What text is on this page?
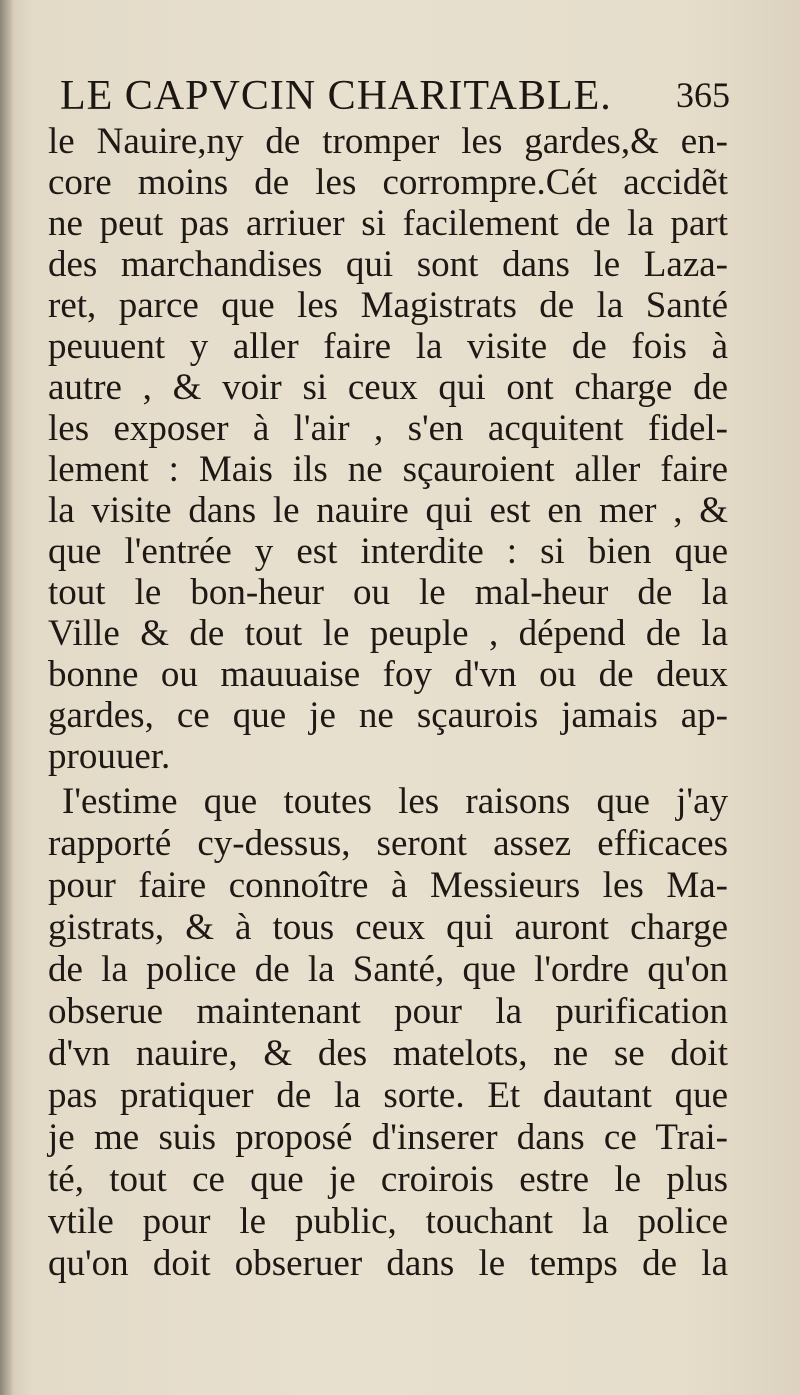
LE CAPVCIN CHARITABLE. 365
le Nauire,ny de tromper les gardes,& en-
core moins de les corrompre.Cét accidẽt
ne peut pas arriuer si facilement de la part
des marchandises qui sont dans le Laza-
ret, parce que les Magistrats de la Santé
peuuent y aller faire la visite de fois à
autre , & voir si ceux qui ont charge de
les exposer à l'air , s'en acquitent fidel-
lement : Mais ils ne sçauroient aller faire
la visite dans le nauire qui est en mer , &
que l'entrée y est interdite : si bien que
tout le bon-heur ou le mal-heur de la
Ville & de tout le peuple , dépend de la
bonne ou mauuaise foy d'vn ou de deux
gardes, ce que je ne sçaurois jamais ap-
prouuer.
I'estime que toutes les raisons que j'ay
rapporté cy-dessus, seront assez efficaces
pour faire connoître à Messieurs les Ma-
gistrats, & à tous ceux qui auront charge
de la police de la Santé, que l'ordre qu'on
obserue maintenant pour la purification
d'vn nauire, & des matelots, ne se doit
pas pratiquer de la sorte. Et dautant que
je me suis proposé d'inserer dans ce Trai-
té, tout ce que je croirois estre le plus
vtile pour le public, touchant la police
qu'on doit obseruer dans le temps de la
